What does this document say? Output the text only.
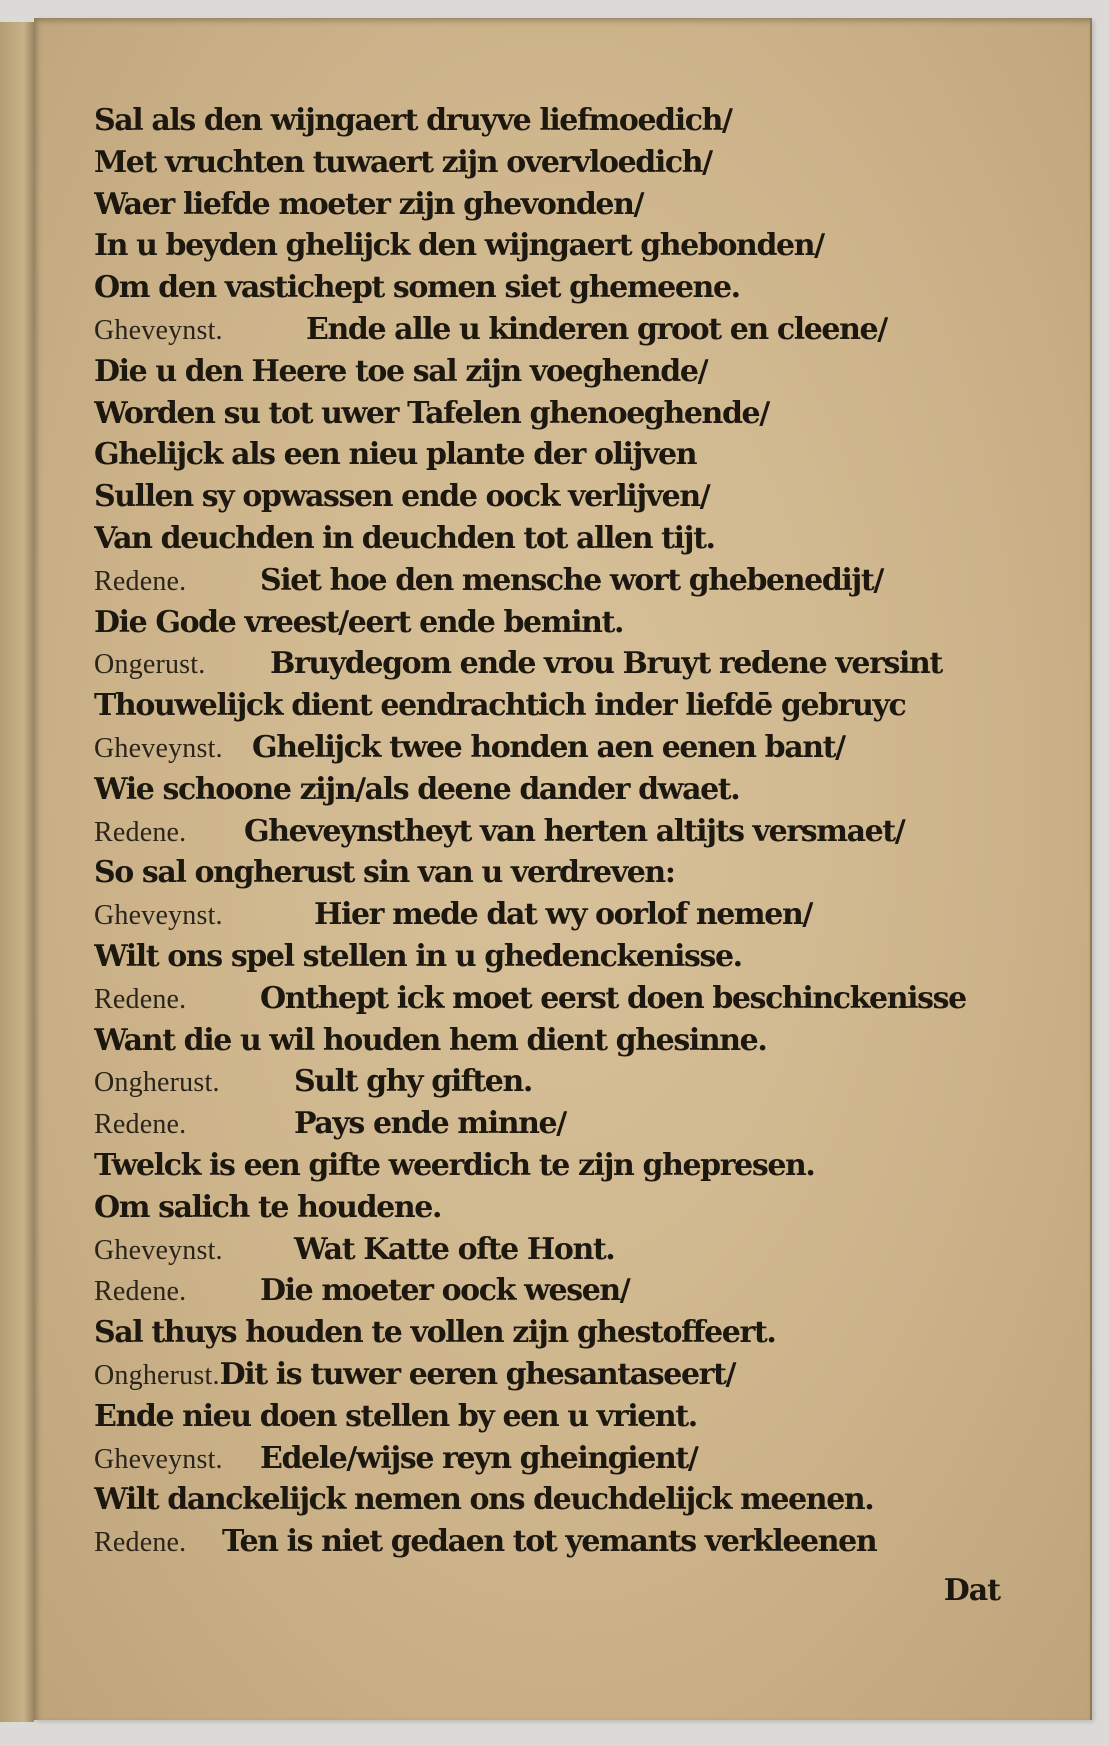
Sal als den wijngaert druyve liefmoedich/
Met vruchten tuwaert zijn overvloedich/
Waer liefde moeter zijn ghevonden/
In u beyden ghelijck den wijngaert ghebonden/
Om den vastichept somen siet ghemeene.
Gheveynst.	Ende alle u kinderen groot en cleene/
Die u den Heere toe sal zijn voeghende/
Worden su tot uwer Tafelen ghenoeghende/
Ghelijck als een nieu plante der olijven
Sullen sy opwassen ende oock verlijven/
Van deuchden in deuchden tot allen tijt.
Redene. Siet hoe den mensche wort ghebenedijt/
Die Gode vreest/eert ende bemint.
Ongerust. Bruydegom ende vrou Bruyt redene versint
Thouwelijck dient eendrachtich inder liefdē gebruyc
Gheveynst. Ghelijck twee honden aen eenen bant/
Wie schoone zijn/als deene dander dwaet.
Redene. Gheveynstheyt van herten altijts versmaet/
So sal ongherust sin van u verdreven:
Gheveynst.	Hier mede dat wy oorlof nemen/
Wilt ons spel stellen in u ghedenckenisse.
Redene. Onthept ick moet eerst doen beschinckenisse
Want die u wil houden hem dient ghesinne.
Ongherust. Sult ghy giften.
Redene.	Pays ende minne/
Twelck is een gifte weerdich te zijn ghepresen.
Om salich te houdene.
Gheveynst. Wat Katte ofte Hont.
Redene. Die moeter oock wesen/
Sal thuys houden te vollen zijn ghestoffeert.
Ongherust.Dit is tuwer eeren ghesantaseert/
Ende nieu doen stellen by een u vrient.
Gheveynst. Edele/wijse reyn gheingient/
Wilt danckelijck nemen ons deuchdelijck meenen.
Redene. Ten is niet gedaen tot yemants verkleenen
Dat
